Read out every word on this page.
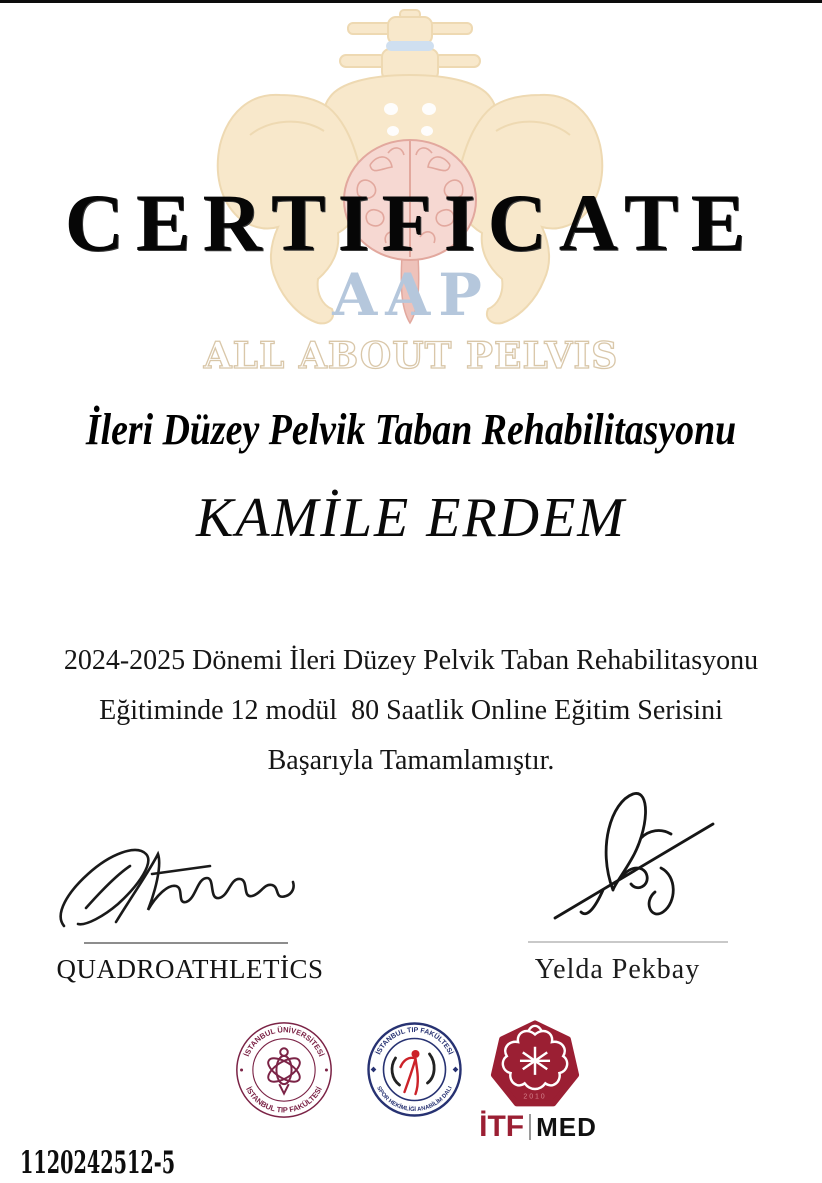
CERTIFICATE
AAP
ALL ABOUT PELVIS
İleri Düzey Pelvik Taban Rehabilitasyonu
KAMİLE ERDEM
2024-2025 Dönemi İleri Düzey Pelvik Taban Rehabilitasyonu
Eğitiminde 12 modül  80 Saatlik Online Eğitim Serisini
Başarıyla Tamamlamıştır.
QUADROATHLETİCS	Yelda Pekbay
İSTANBUL ÜNİVERSİTESİ
İSTANBUL TIP FAKÜLTESİ
İSTANBUL TIP FAKÜLTESİ
SPOR HEKİMLİĞİ ANABİLİM DALI
2010
İTF MED
1120242512-5
